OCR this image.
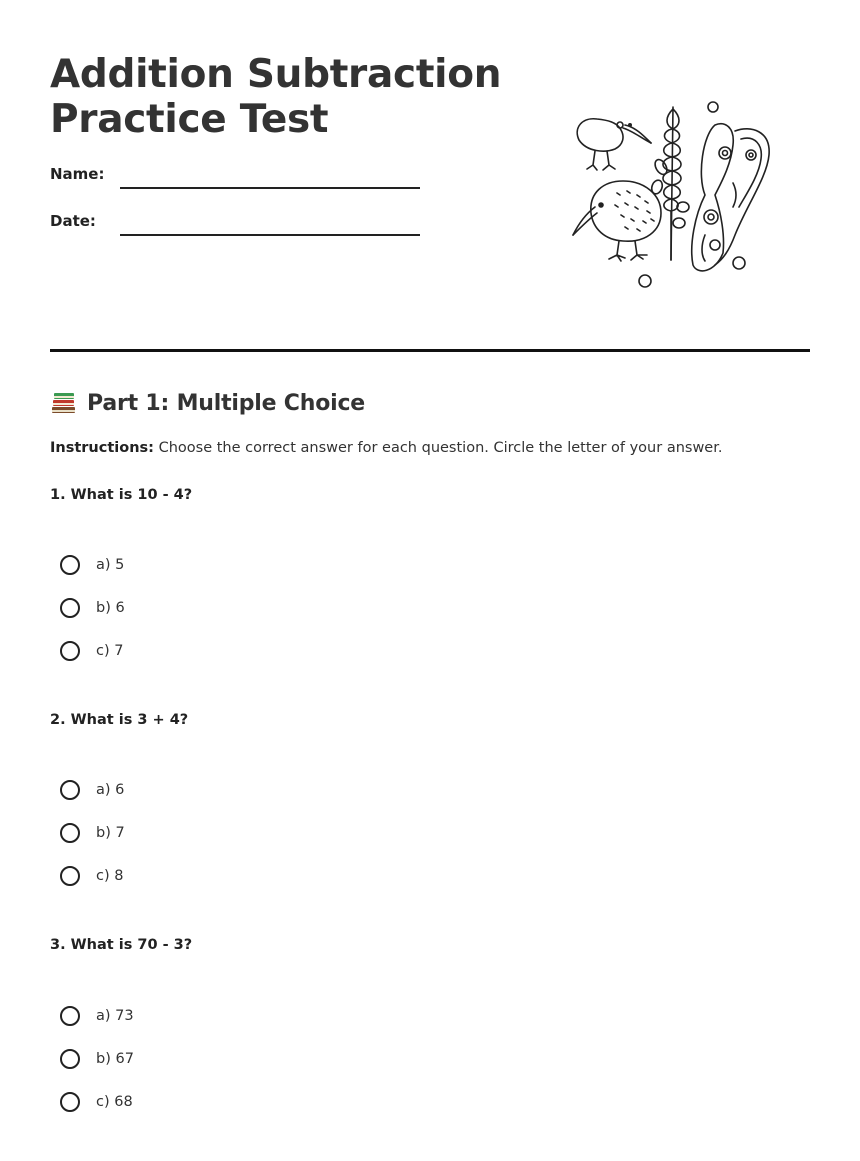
Addition Subtraction
Practice Test
Name:
Date:
Part 1: Multiple Choice
Instructions: Choose the correct answer for each question. Circle the letter of your answer.
1. What is 10 - 4?
a) 5
b) 6
c) 7
2. What is 3 + 4?
a) 6
b) 7
c) 8
3. What is 70 - 3?
a) 73
b) 67
c) 68
